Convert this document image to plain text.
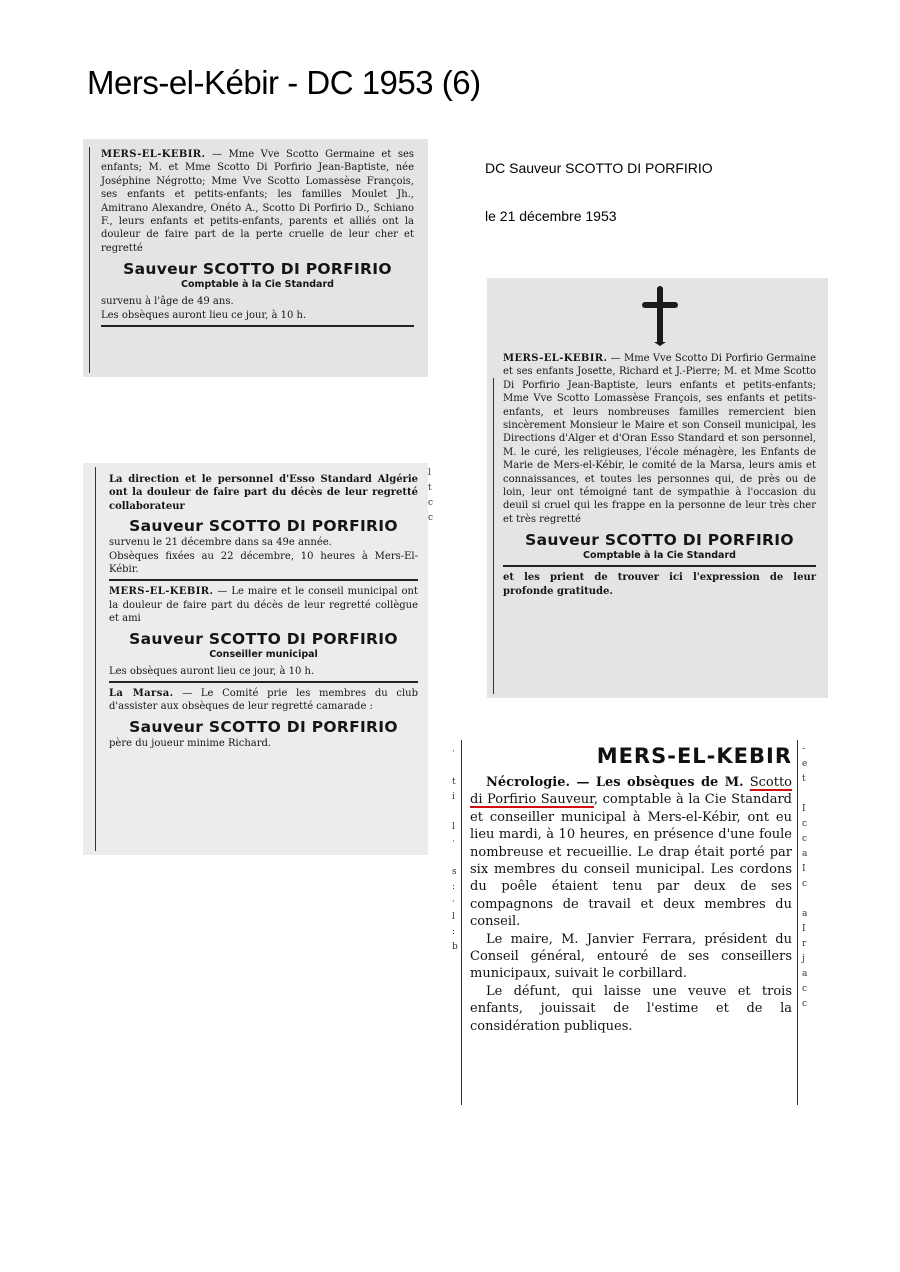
Mers-el-Kébir - DC 1953 (6)
DC Sauveur SCOTTO DI PORFIRIO
le 21 décembre 1953

MERS-EL-KEBIR. — Mme Vve Scotto Germaine et ses enfants; M. et Mme Scotto Di Porfirio Jean-Baptiste, née Joséphine Négrotto; Mme Vve Scotto Lomassèse François, ses enfants et petits-enfants; les familles Moulet Jh., Amitrano Alexandre, Onéto A., Scotto Di Porfirio D., Schiano F., leurs enfants et petits-enfants, parents et alliés ont la douleur de faire part de la perte cruelle de leur cher et regretté

Sauveur SCOTTO DI PORFIRIO

Comptable à la Cie Standard

survenu à l'âge de 49 ans.

Les obsèques auront lieu ce jour, à 10 h.

La direction et le personnel d'Esso Standard Algérie ont la douleur de faire part du décès de leur regretté collaborateur

Sauveur SCOTTO DI PORFIRIO

survenu le 21 décembre dans sa 49e année.

Obsèques fixées au 22 décembre, 10 heures à Mers-El-Kébir.

MERS-EL-KEBIR. — Le maire et le conseil municipal ont la douleur de faire part du décès de leur regretté collègue et ami

Sauveur SCOTTO DI PORFIRIO

Conseiller municipal

Les obsèques auront lieu ce jour, à 10 h.

La Marsa. — Le Comité prie les membres du club d'assister aux obsèques de leur regretté camarade :

Sauveur SCOTTO DI PORFIRIO

père du joueur minime Richard.

l
t
c
c

MERS-EL-KEBIR. — Mme Vve Scotto Di Porfirio Germaine et ses enfants Josette, Richard et J.-Pierre; M. et Mme Scotto Di Porfirio Jean-Baptiste, leurs enfants et petits-enfants; Mme Vve Scotto Lomassèse François, ses enfants et petits-enfants, et leurs nombreuses familles remercient bien sincèrement Monsieur le Maire et son Conseil municipal, les Directions d'Alger et d'Oran Esso Standard et son personnel, M. le curé, les religieuses, l'école ménagère, les Enfants de Marie de Mers-el-Kébir, le comité de la Marsa, leurs amis et connaissances, et toutes les personnes qui, de près ou de loin, leur ont témoigné tant de sympathie à l'occasion du deuil si cruel qui les frappe en la personne de leur très cher et très regretté

Sauveur SCOTTO DI PORFIRIO

Comptable à la Cie Standard

et les prient de trouver ici l'expression de leur profonde gratitude.

·

t
i

l
·

s
:
·
l
:
b
MERS-EL-KEBIR

Nécrologie. — Les obsèques de M. Scotto di Porfirio Sauveur, comptable à la Cie Standard et conseiller municipal à Mers-el-Kébir, ont eu lieu mardi, à 10 heures, en présence d'une foule nombreuse et recueillie. Le drap était porté par six membres du conseil municipal. Les cordons du poêle étaient tenu par deux de ses compagnons de travail et deux membres du conseil.

Le maire, M. Janvier Ferrara, président du Conseil général, entouré de ses conseillers municipaux, suivait le corbillard.

Le défunt, qui laisse une veuve et trois enfants, jouissait de l'estime et de la considération publiques.

-
e
t

I
c
c
a
I
c

a
I
r
j
a
c
c
